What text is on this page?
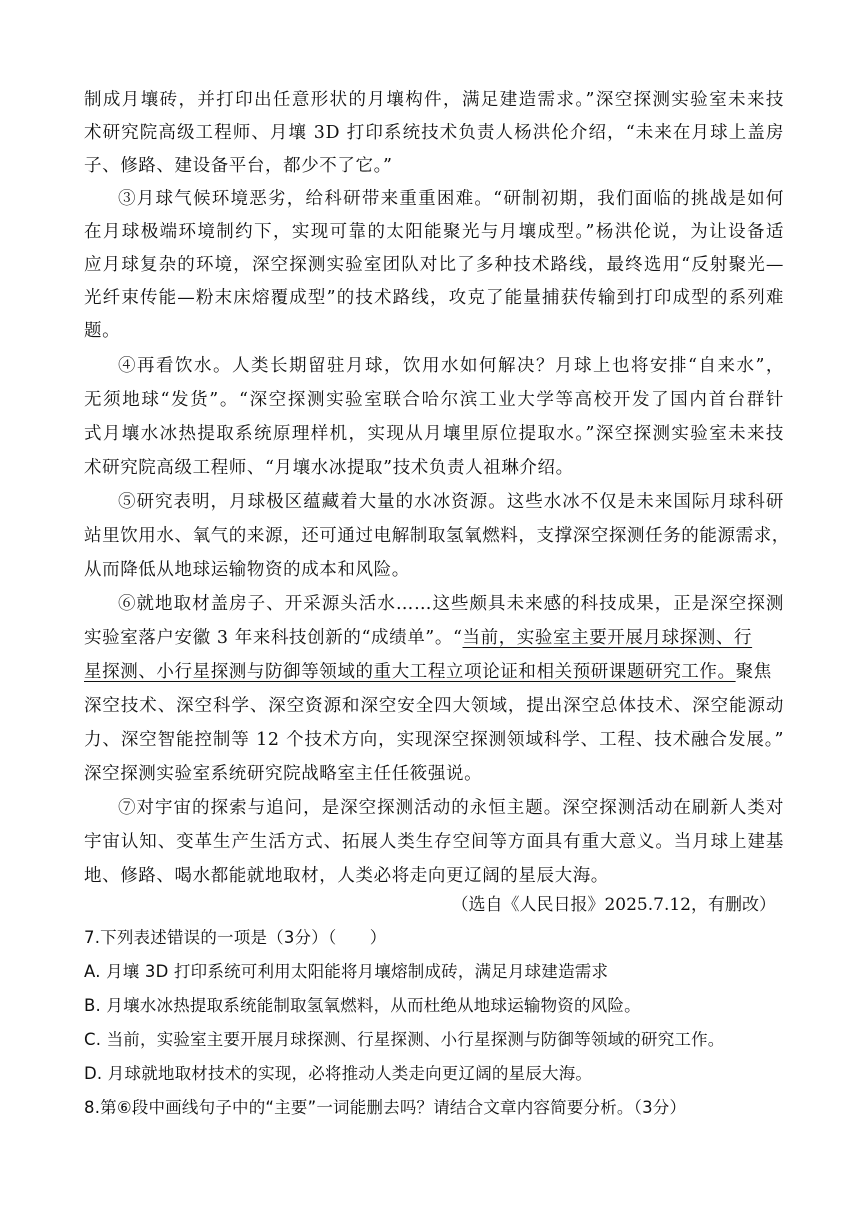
制成月壤砖，并打印出任意形状的月壤构件，满足建造需求。”深空探测实验室未来技
术研究院高级工程师、月壤 3D 打印系统技术负责人杨洪伦介绍，“未来在月球上盖房
子、修路、建设备平台，都少不了它。”
③月球气候环境恶劣，给科研带来重重困难。“研制初期，我们面临的挑战是如何
在月球极端环境制约下，实现可靠的太阳能聚光与月壤成型。”杨洪伦说，为让设备适
应月球复杂的环境，深空探测实验室团队对比了多种技术路线，最终选用“反射聚光—
光纤束传能—粉末床熔覆成型”的技术路线，攻克了能量捕获传输到打印成型的系列难
题。
④再看饮水。人类长期留驻月球，饮用水如何解决？月球上也将安排“自来水”，
无须地球“发货”。“深空探测实验室联合哈尔滨工业大学等高校开发了国内首台群针
式月壤水冰热提取系统原理样机，实现从月壤里原位提取水。”深空探测实验室未来技
术研究院高级工程师、“月壤水冰提取”技术负责人祖琳介绍。
⑤研究表明，月球极区蕴藏着大量的水冰资源。这些水冰不仅是未来国际月球科研
站里饮用水、氧气的来源，还可通过电解制取氢氧燃料，支撑深空探测任务的能源需求，
从而降低从地球运输物资的成本和风险。
⑥就地取材盖房子、开采源头活水……这些颇具未来感的科技成果，正是深空探测
实验室落户安徽 3 年来科技创新的“成绩单”。“当前，实验室主要开展月球探测、行
星探测、小行星探测与防御等领域的重大工程立项论证和相关预研课题研究工作。聚焦
深空技术、深空科学、深空资源和深空安全四大领域，提出深空总体技术、深空能源动
力、深空智能控制等 12 个技术方向，实现深空探测领域科学、工程、技术融合发展。”
深空探测实验室系统研究院战略室主任任筱强说。
⑦对宇宙的探索与追问，是深空探测活动的永恒主题。深空探测活动在刷新人类对
宇宙认知、变革生产生活方式、拓展人类生存空间等方面具有重大意义。当月球上建基
地、修路、喝水都能就地取材，人类必将走向更辽阔的星辰大海。
（选自《人民日报》2025.7.12，有删改）
7.下列表述错误的一项是（3分）（　　）
A. 月壤 3D 打印系统可利用太阳能将月壤熔制成砖，满足月球建造需求
B. 月壤水冰热提取系统能制取氢氧燃料，从而杜绝从地球运输物资的风险。
C. 当前，实验室主要开展月球探测、行星探测、小行星探测与防御等领域的研究工作。
D. 月球就地取材技术的实现，必将推动人类走向更辽阔的星辰大海。
8.第⑥段中画线句子中的“主要”一词能删去吗？请结合文章内容简要分析。（3分）
